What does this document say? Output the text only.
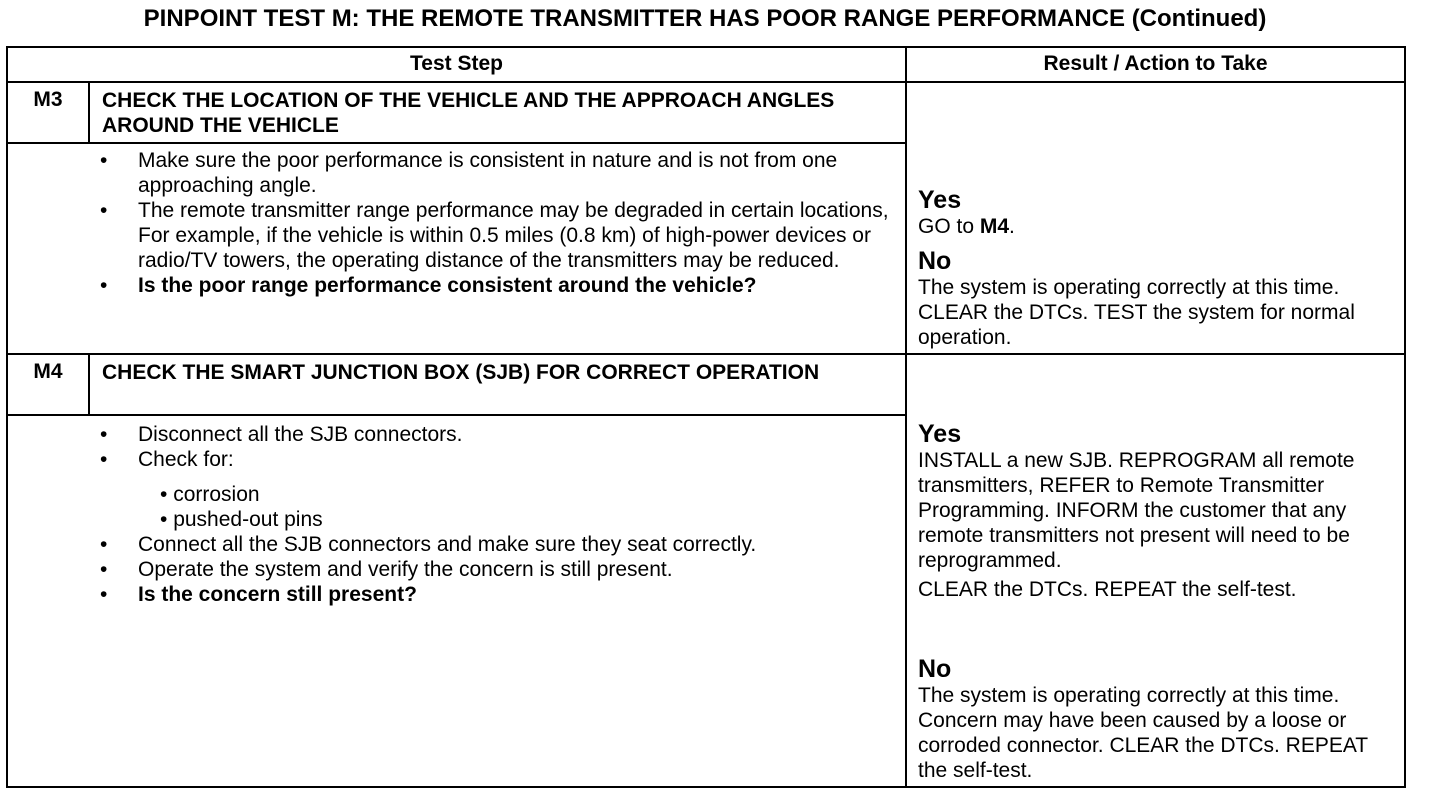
PINPOINT TEST M: THE REMOTE TRANSMITTER HAS POOR RANGE PERFORMANCE (Continued)
Test Step	Result / Action to Take
M3	CHECK THE LOCATION OF THE VEHICLE AND THE APPROACH ANGLES AROUND THE VEHICLE
• Make sure the poor performance is consistent in nature and is not from one approaching angle.
• The remote transmitter range performance may be degraded in certain locations, For example, if the vehicle is within 0.5 miles (0.8 km) of high-power devices or radio/TV towers, the operating distance of the transmitters may be reduced.
• Is the poor range performance consistent around the vehicle?
Yes
GO to M4.
No
The system is operating correctly at this time. CLEAR the DTCs. TEST the system for normal operation.
M4	CHECK THE SMART JUNCTION BOX (SJB) FOR CORRECT OPERATION
• Disconnect all the SJB connectors.
• Check for:
• corrosion
• pushed-out pins
• Connect all the SJB connectors and make sure they seat correctly.
• Operate the system and verify the concern is still present.
• Is the concern still present?
Yes
INSTALL a new SJB. REPROGRAM all remote transmitters, REFER to Remote Transmitter Programming. INFORM the customer that any remote transmitters not present will need to be reprogrammed.
CLEAR the DTCs. REPEAT the self-test.
No
The system is operating correctly at this time. Concern may have been caused by a loose or corroded connector. CLEAR the DTCs. REPEAT the self-test.
